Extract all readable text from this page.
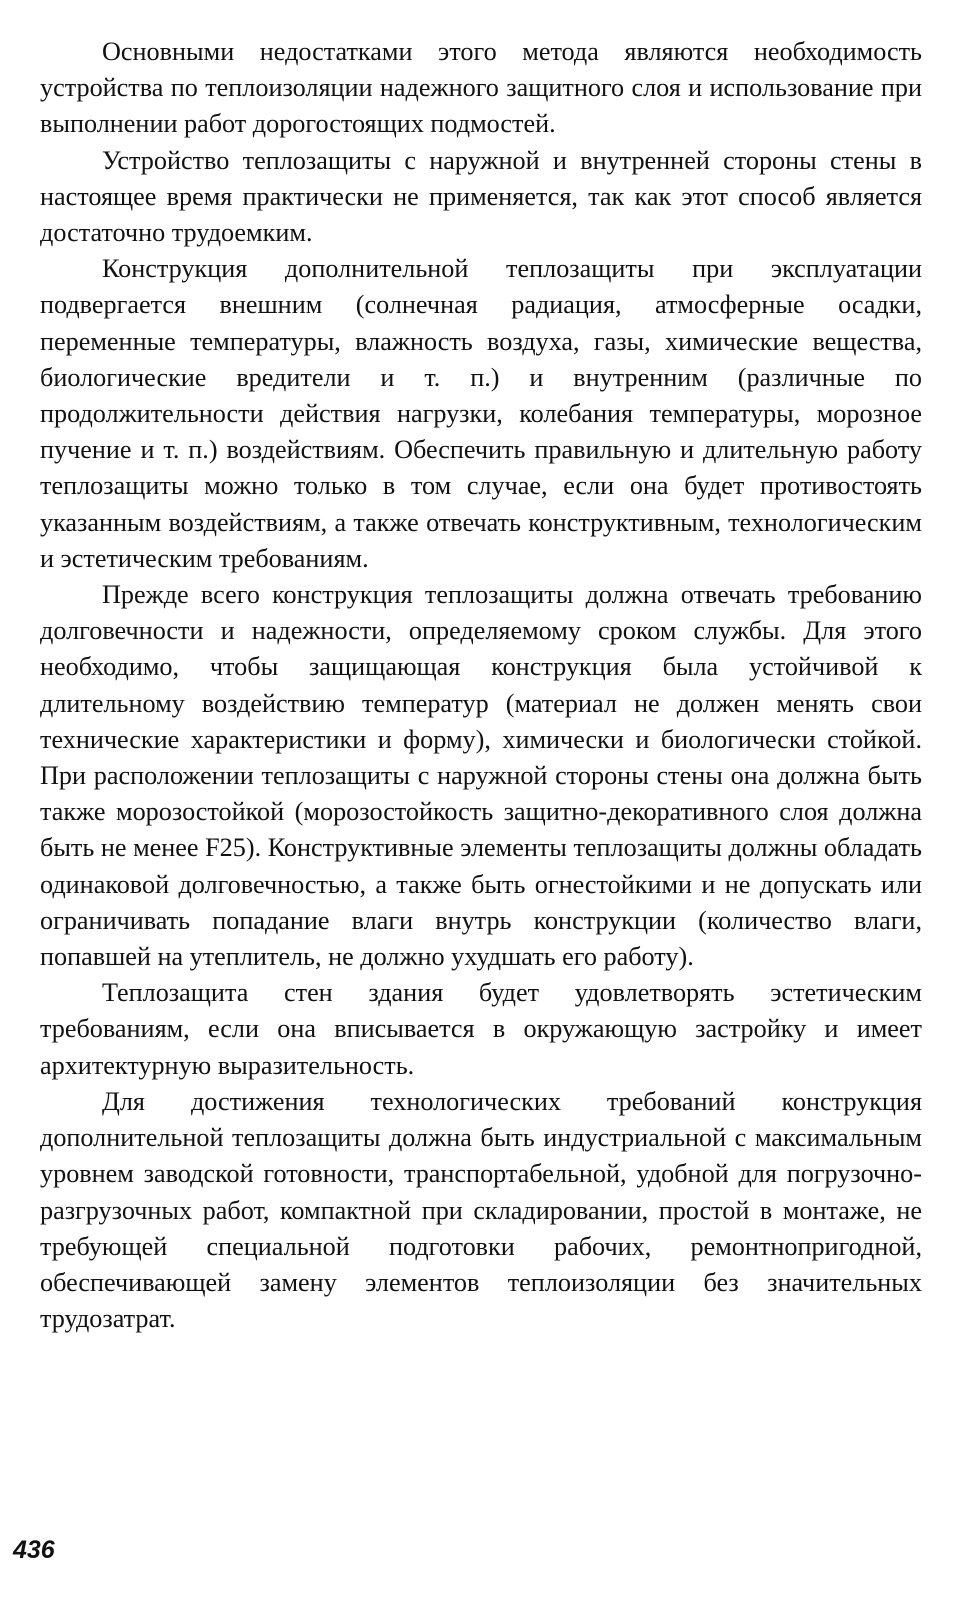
Основными недостатками этого метода являются необходимость устройства по теплоизоляции надежного защитного слоя и использование при выполнении работ дорогостоящих подмостей.

Устройство теплозащиты с наружной и внутренней стороны стены в настоящее время практически не применяется, так как этот способ является достаточно трудоемким.

Конструкция дополнительной теплозащиты при эксплуатации подвергается внешним (солнечная радиация, атмосферные осадки, переменные температуры, влажность воздуха, газы, химические вещества, биологические вредители и т. п.) и внутренним (различные по продолжительности действия нагрузки, колебания температуры, морозное пучение и т. п.) воздействиям. Обеспечить правильную и длительную работу теплозащиты можно только в том случае, если она будет противостоять указанным воздействиям, а также отвечать конструктивным, технологическим и эстетическим требованиям.

Прежде всего конструкция теплозащиты должна отвечать требованию долговечности и надежности, определяемому сроком службы. Для этого необходимо, чтобы защищающая конструкция была устойчивой к длительному воздействию температур (материал не должен менять свои технические характеристики и форму), химически и биологически стойкой. При расположении теплозащиты с наружной стороны стены она должна быть также морозостойкой (морозостойкость защитно-декоративного слоя должна быть не менее F25). Конструктивные элементы теплозащиты должны обладать одинаковой долговечностью, а также быть огнестойкими и не допускать или ограничивать попадание влаги внутрь конструкции (количество влаги, попавшей на утеплитель, не должно ухудшать его работу).

Теплозащита стен здания будет удовлетворять эстетическим требованиям, если она вписывается в окружающую застройку и имеет архитектурную выразительность.

Для достижения технологических требований конструкция дополнительной теплозащиты должна быть индустриальной с максимальным уровнем заводской готовности, транспортабельной, удобной для погрузочно-разгрузочных работ, компактной при складировании, простой в монтаже, не требующей специальной подготовки рабочих, ремонтнопригодной, обеспечивающей замену элементов теплоизоляции без значительных трудозатрат.

436
